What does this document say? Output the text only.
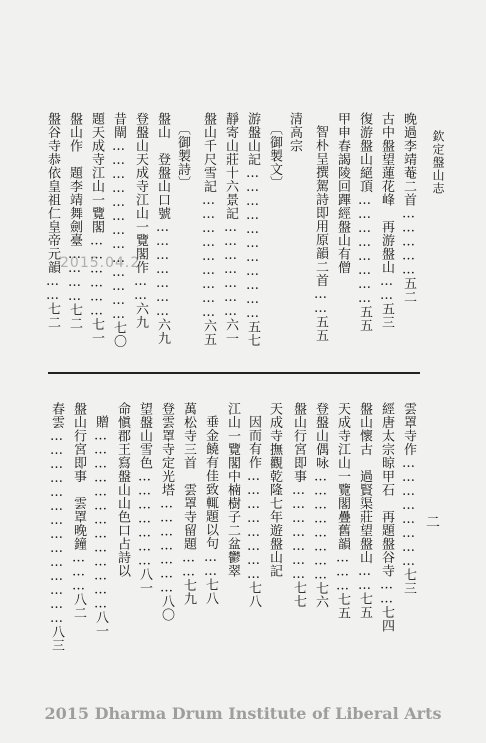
欽定盤山志
二
晚過李靖菴二首……………五二
古中盤望蓮花峰　再游盤山……五三
復游盤山絕頂……………………五五
甲申春謁陵回蹕經盤山有僧
智朴呈撰駕詩即用原韻二首……五五
清高宗
〔御製文〕
游盤山記……………………………五七
靜寄山莊十六景記…………………六一
盤山千尺雪記………………………六五
〔御製詩〕
盤山　登盤山口號…………………六九
登盤山天成寺江山一覽閣作……六九
昔閘…………………………………七〇
題天成寺江山一覽閣………………七一
盤山作　題李靖舞劍臺…………七二
盤谷寺恭依皇祖仁皇帝元韻……七二
雲罩寺作……………………七三
經唐太宗晾甲石　再題盤谷寺……七四
盤山懷古　過賢渠莊望盤山……七五
天成寺江山一覽閣疊舊韻………七五
登盤山偶咏……………………七六
盤山行宮即事…………………七七
天成寺撫觀乾隆七年遊盤山記
因而有作……………………七八
江山一覽閣中楠樹子二盆鬱翠
垂金饒有佳致輒題以句……七八
萬松寺三首　雲罩寺留題……七九
登雲罩寺定光塔…………………八〇
望盤山雪色…………………八一
命愼郡王寫盤山山色口占詩以
贈…………………………………八一
盤山行宮即事　雲罩晚鐘………八二
春雲……………………………………八三
2015.04.2
2015 Dharma Drum Institute of Liberal Arts
